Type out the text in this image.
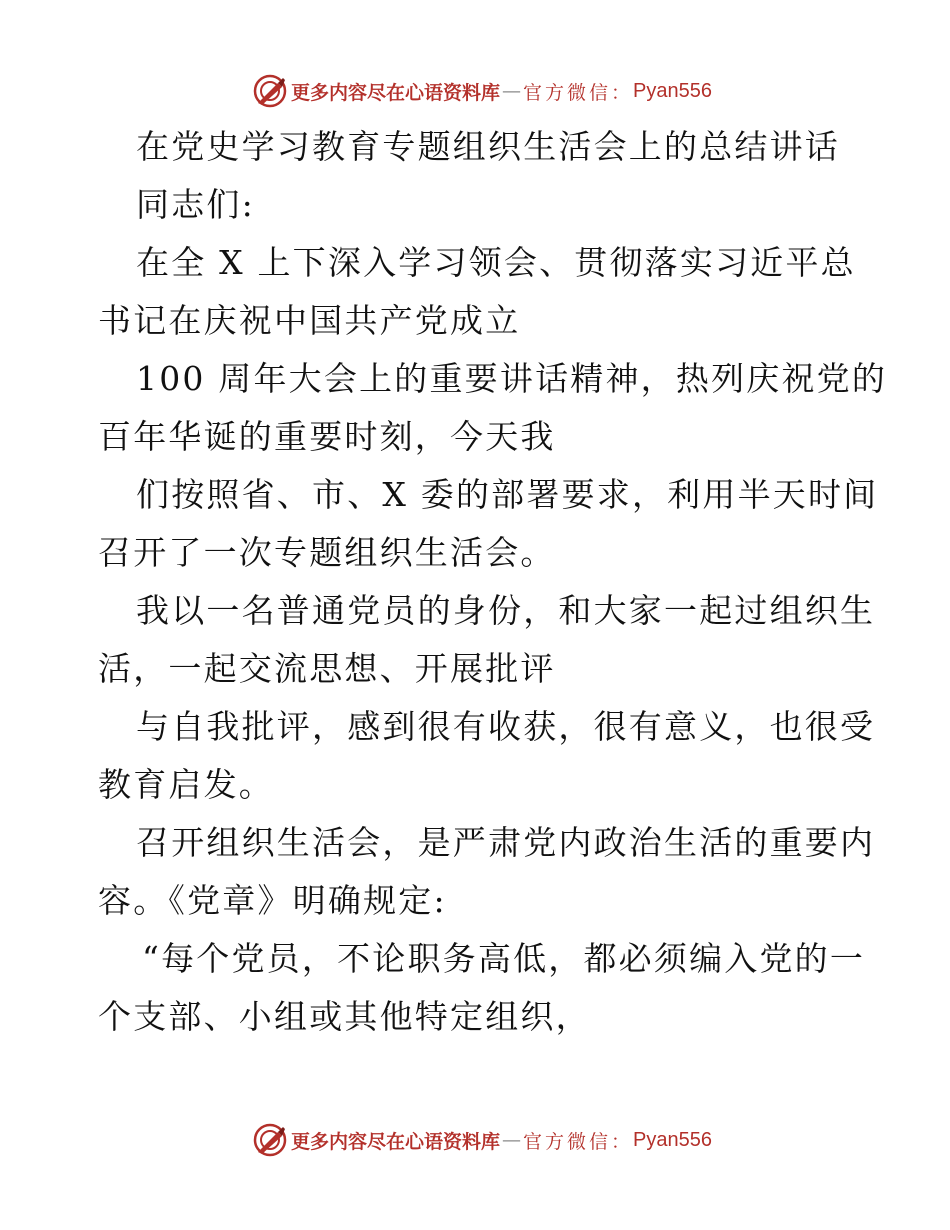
更多内容尽在心语资料库 — 官方微信： Pyan556
在党史学习教育专题组织生活会上的总结讲话
同志们:
在全 X 上下深入学习领会、贯彻落实习近平总
书记在庆祝中国共产党成立
100 周年大会上的重要讲话精神，热列庆祝党的
百年华诞的重要时刻，今天我
们按照省、市、X 委的部署要求，利用半天时间
召开了一次专题组织生活会。
我以一名普通党员的身份，和大家一起过组织生
活，一起交流思想、开展批评
与自我批评，感到很有收获，很有意义，也很受
教育启发。
召开组织生活会，是严肃党内政治生活的重要内
容。《党章》明确规定:
“每个党员，不论职务高低，都必须编入党的一
个支部、小组或其他特定组织，
更多内容尽在心语资料库 — 官方微信： Pyan556
